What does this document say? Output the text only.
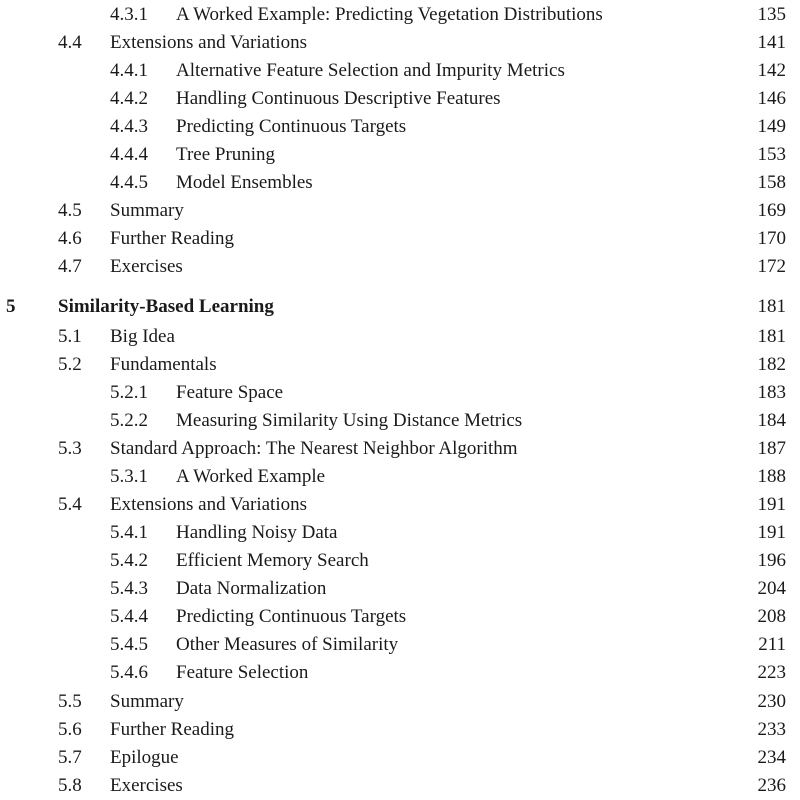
4.3.1 A Worked Example: Predicting Vegetation Distributions	135
4.4 Extensions and Variations	141
4.4.1 Alternative Feature Selection and Impurity Metrics	142
4.4.2 Handling Continuous Descriptive Features	146
4.4.3 Predicting Continuous Targets	149
4.4.4 Tree Pruning	153
4.4.5 Model Ensembles	158
4.5 Summary	169
4.6 Further Reading	170
4.7 Exercises	172
5 Similarity-Based Learning	181
5.1 Big Idea	181
5.2 Fundamentals	182
5.2.1 Feature Space	183
5.2.2 Measuring Similarity Using Distance Metrics	184
5.3 Standard Approach: The Nearest Neighbor Algorithm	187
5.3.1 A Worked Example	188
5.4 Extensions and Variations	191
5.4.1 Handling Noisy Data	191
5.4.2 Efficient Memory Search	196
5.4.3 Data Normalization	204
5.4.4 Predicting Continuous Targets	208
5.4.5 Other Measures of Similarity	211
5.4.6 Feature Selection	223
5.5 Summary	230
5.6 Further Reading	233
5.7 Epilogue	234
5.8 Exercises	236
